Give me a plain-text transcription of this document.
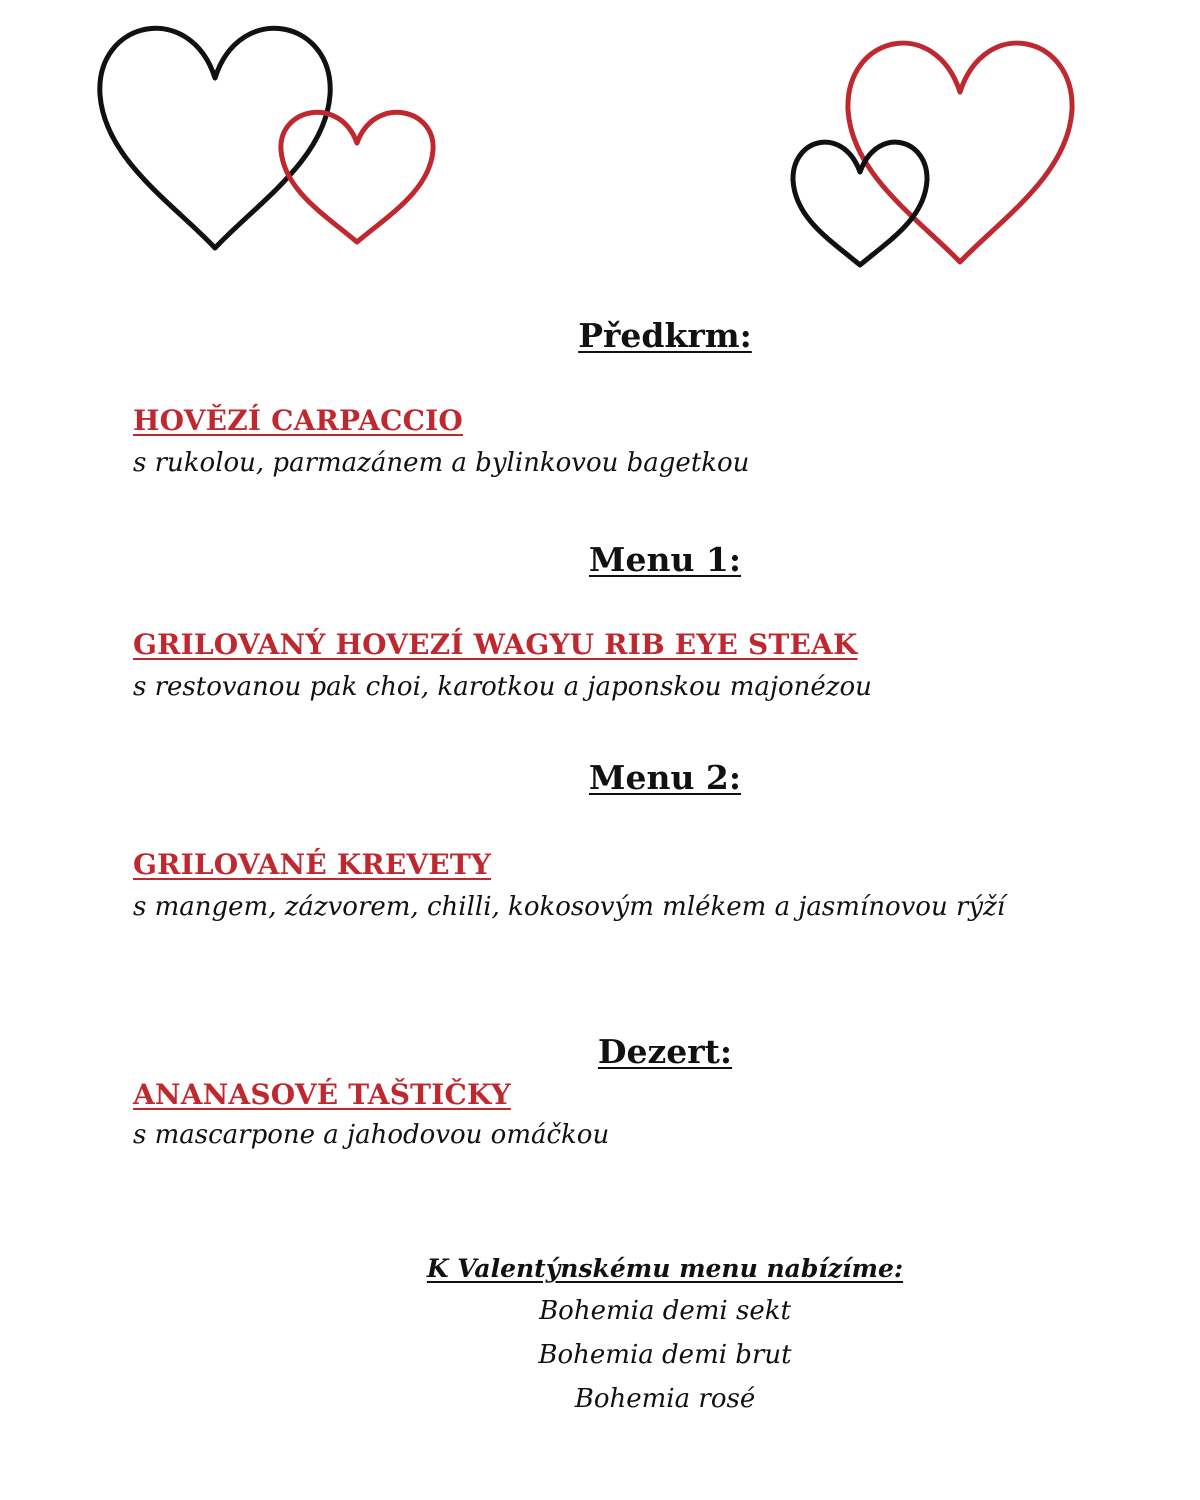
Předkrm:

HOVĚZÍ CARPACCIO

s rukolou, parmazánem a bylinkovou bagetkou

Menu 1:

GRILOVANÝ HOVEZÍ WAGYU RIB EYE STEAK

s restovanou pak choi, karotkou a japonskou majonézou

Menu 2:

GRILOVANÉ KREVETY

s mangem, zázvorem, chilli, kokosovým mlékem a jasmínovou rýží

Dezert:

ANANASOVÉ TAŠTIČKY

s mascarpone a jahodovou omáčkou

K Valentýnskému menu nabízíme:

Bohemia demi sekt

Bohemia demi brut

Bohemia rosé
